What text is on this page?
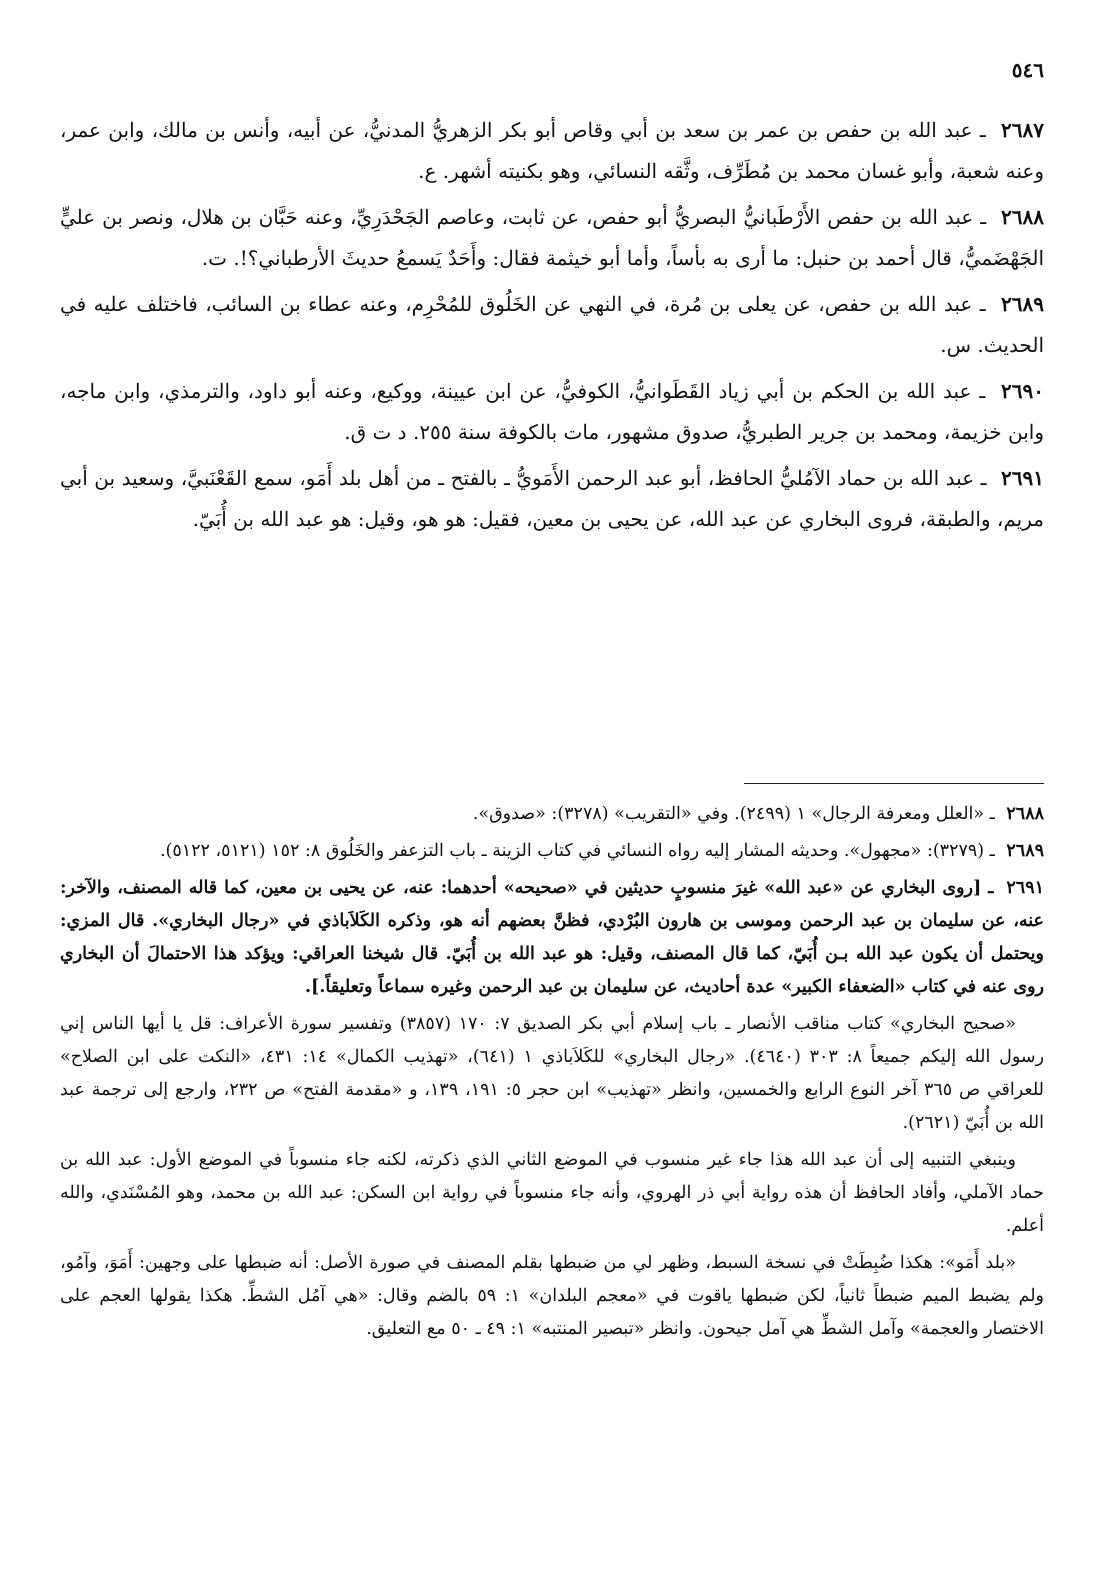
٥٤٦

٢٦٨٧ ـ عبد الله بن حفص بن عمر بن سعد بن أبي وقاص أبو بكر الزهريُّ المدنيُّ، عن أبيه، وأنس بن مالك، وابن عمر، وعنه شعبة، وأبو غسان محمد بن مُطَرِّف، وثَّقه النسائي، وهو بكنيته أشهر. ع.

٢٦٨٨ ـ عبد الله بن حفص الأَرْطَبانيُّ البصريُّ أبو حفص، عن ثابت، وعاصم الجَحْدَرِيِّ، وعنه حَبَّان بن هلال، ونصر بن عليٍّ الجَهْضَميُّ، قال أحمد بن حنبل: ما أرى به بأساً، وأما أبو خيثمة فقال: وأَحَدٌ يَسمعُ حديثَ الأرطباني؟!. ت.

٢٦٨٩ ـ عبد الله بن حفص، عن يعلى بن مُرة، في النهي عن الخَلُوق للمُحْرِم، وعنه عطاء بن السائب، فاختلف عليه في الحديث. س.

٢٦٩٠ ـ عبد الله بن الحكم بن أبي زياد القَطَوانيُّ، الكوفيُّ، عن ابن عيينة، ووكيع، وعنه أبو داود، والترمذي، وابن ماجه، وابن خزيمة، ومحمد بن جرير الطبريُّ، صدوق مشهور، مات بالكوفة سنة ٢٥٥. د ت ق.

٢٦٩١ ـ عبد الله بن حماد الآمُليُّ الحافظ، أبو عبد الرحمن الأَمَويُّ ـ بالفتح ـ من أهل بلد أَمَو، سمع القَعْنَبيَّ، وسعيد بن أبي مريم، والطبقة، فروى البخاري عن عبد الله، عن يحيى بن معين، فقيل: هو هو، وقيل: هو عبد الله بن أُبَيّ.

٢٦٨٨ ـ «العلل ومعرفة الرجال» ١ (٢٤٩٩). وفي «التقريب» (٣٢٧٨): «صدوق».

٢٦٨٩ ـ (٣٢٧٩): «مجهول». وحديثه المشار إليه رواه النسائي في كتاب الزينة ـ باب التزعفر والخَلُوق ٨: ١٥٢ (٥١٢١، ٥١٢٢).

٢٦٩١ ـ [روى البخاري عن «عبد الله» غيرَ منسوبٍ حديثين في «صحيحه» أحدهما: عنه، عن يحيى بن معين، كما قاله المصنف، والآخر: عنه، عن سليمان بن عبد الرحمن وموسى بن هارون البُرْدي، فظنَّ بعضهم أنه هو، وذكره الكَلاَباذي في «رجال البخاري». قال المزي: ويحتمل أن يكون عبد الله بـن أُبَيّ، كما قال المصنف، وقيل: هو عبد الله بن أُبَيّ. قال شيخنا العراقي: ويؤكد هذا الاحتمالَ أن البخاري روى عنه في كتاب «الضعفاء الكبير» عدة أحاديث، عن سليمان بن عبد الرحمن وغيره سماعاً وتعليقاً.].

«صحيح البخاري» كتاب مناقب الأنصار ـ باب إسلام أبي بكر الصديق ٧: ١٧٠ (٣٨٥٧) وتفسير سورة الأعراف: قل يا أيها الناس إني رسول الله إليكم جميعاً ٨: ٣٠٣ (٤٦٤٠). «رجال البخاري» للكَلاَباذي ١ (٦٤١)، «تهذيب الكمال» ١٤: ٤٣١، «النكت على ابن الصلاح» للعراقي ص ٣٦٥ آخر النوع الرابع والخمسين، وانظر «تهذيب» ابن حجر ٥: ١٩١، ١٣٩، و «مقدمة الفتح» ص ٢٣٢، وارجع إلى ترجمة عبد الله بن أُبَيّ (٢٦٢١).

وينبغي التنبيه إلى أن عبد الله هذا جاء غير منسوب في الموضع الثاني الذي ذكرته، لكنه جاء منسوباً في الموضع الأول: عبد الله بن حماد الآملي، وأفاد الحافظ أن هذه رواية أبي ذر الهروي، وأنه جاء منسوباً في رواية ابن السكن: عبد الله بن محمد، وهو المُسْنَدي، والله أعلم.

«بلد أَمَو»: هكذا ضُبِطَتْ في نسخة السبط، وظهر لي من ضبطها بقلم المصنف في صورة الأصل: أنه ضبطها على وجهين: أَمَوَ، وآمُو، ولم يضبط الميم ضبطاً ثانياً، لكن ضبطها ياقوت في «معجم البلدان» ١: ٥٩ بالضم وقال: «هي آمُل الشطِّ. هكذا يقولها العجم على الاختصار والعجمة» وآمل الشطِّ هي آمل جيحون. وانظر «تبصير المنتبه» ١: ٤٩ ـ ٥٠ مع التعليق.
